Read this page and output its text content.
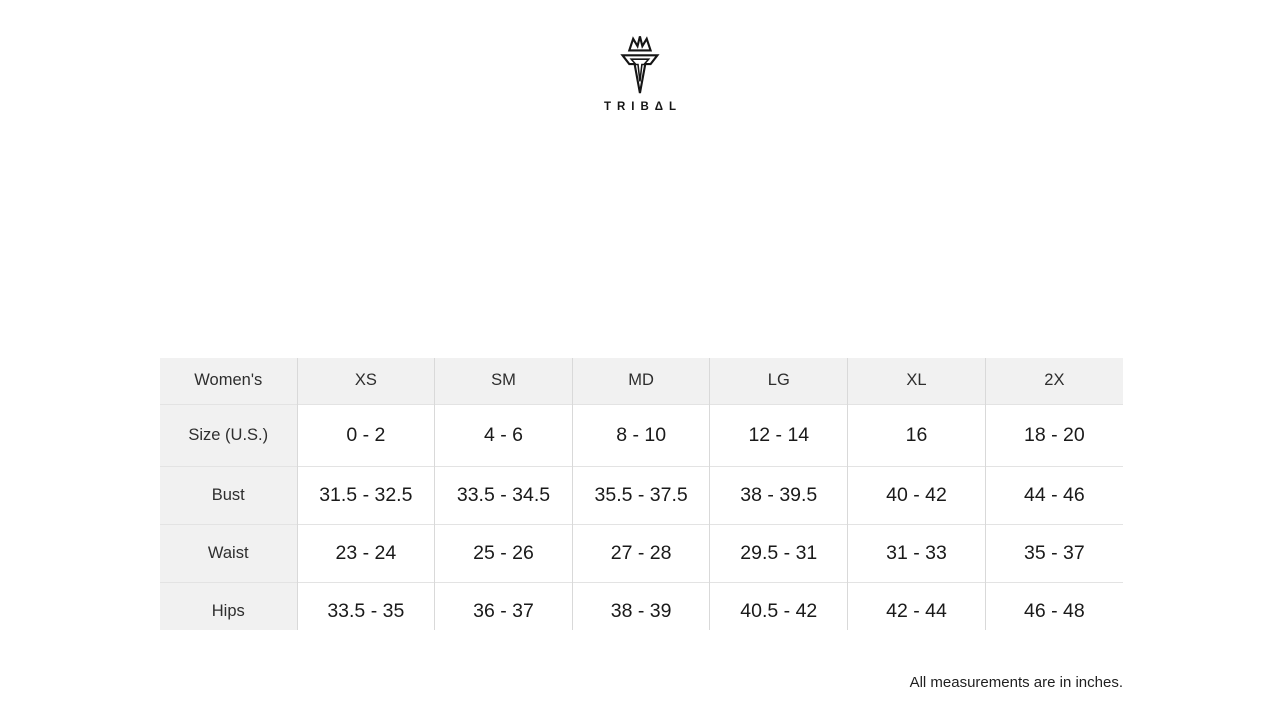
TRIBΔL
Women's	XS	SM	MD	LG	XL	2X
Size (U.S.)	0 - 2	4 - 6	8 - 10	12 - 14	16	18 - 20
Bust	31.5 - 32.5	33.5 - 34.5	35.5 - 37.5	38 - 39.5	40 - 42	44 - 46
Waist	23 - 24	25 - 26	27 - 28	29.5 - 31	31 - 33	35 - 37
Hips	33.5 - 35	36 - 37	38 - 39	40.5 - 42	42 - 44	46 - 48
All measurements are in inches.
